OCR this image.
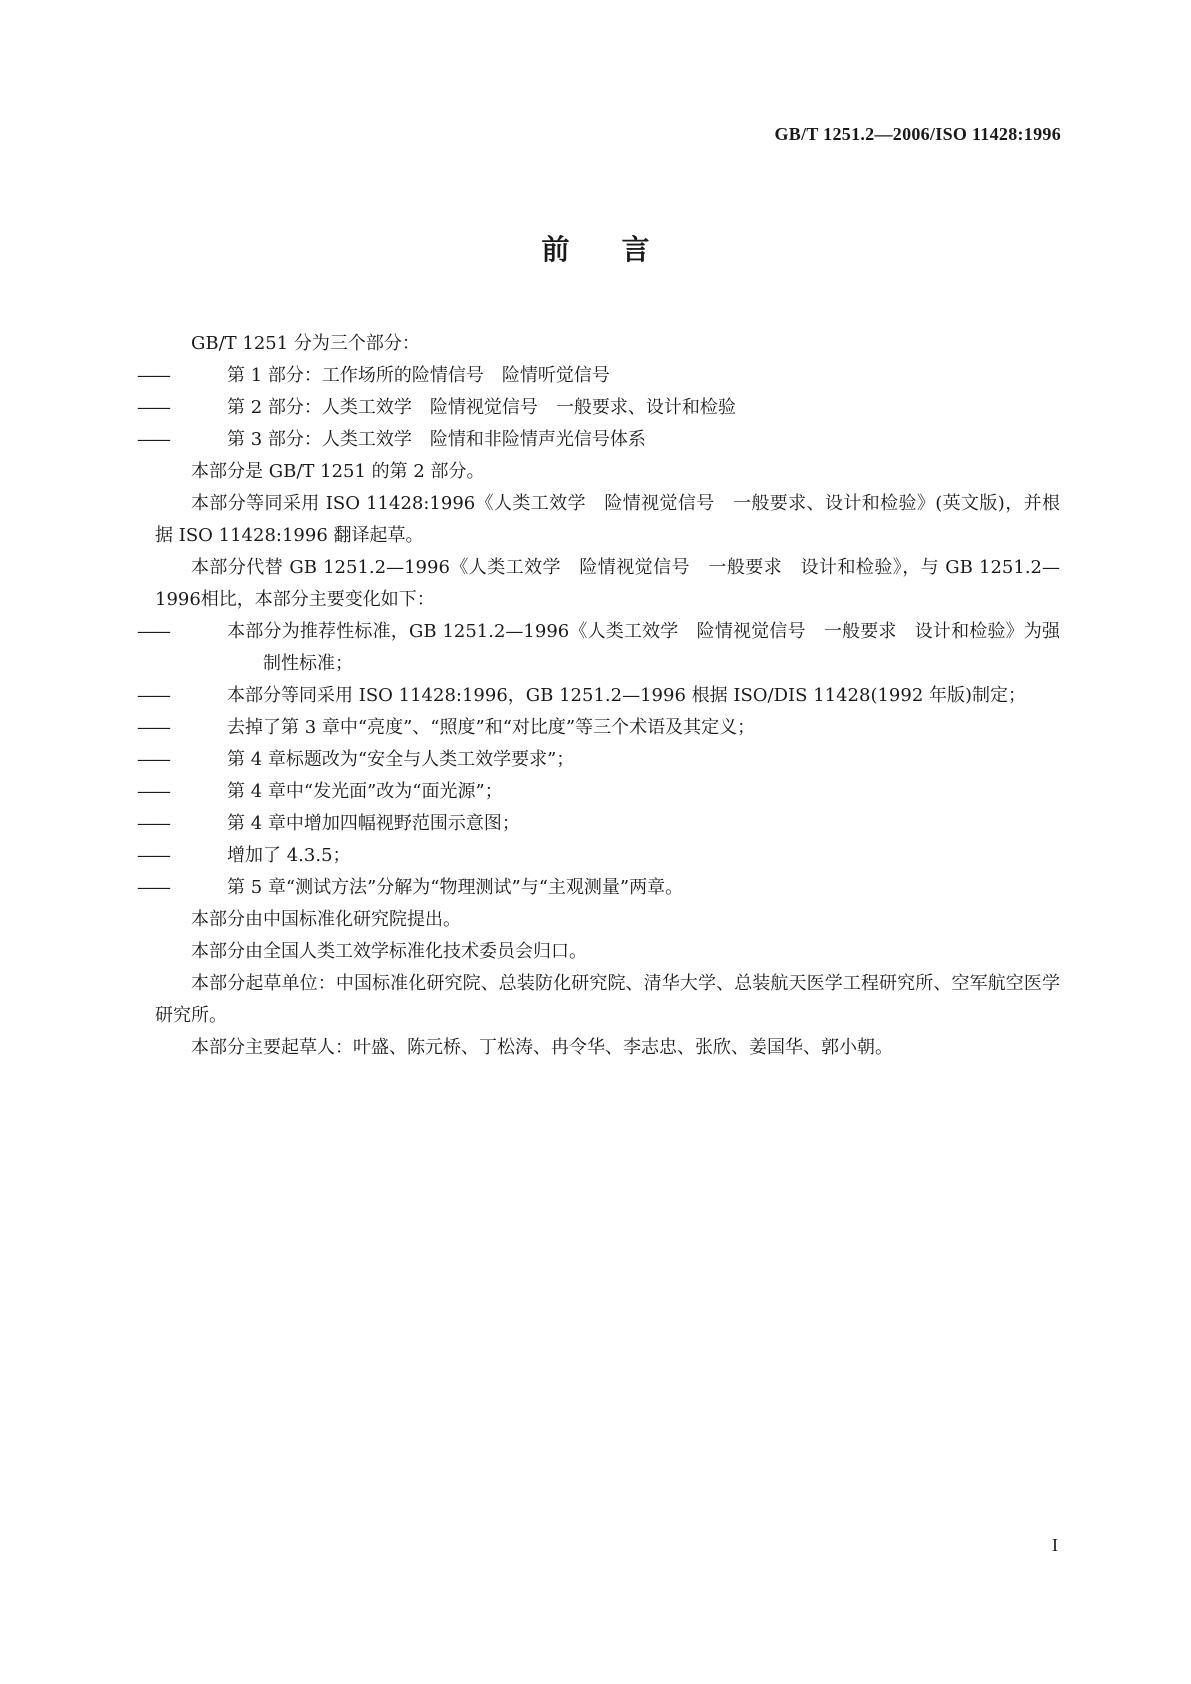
GB/T 1251.2—2006/ISO 11428:1996
前言

GB/T 1251 分为三个部分：

——	第 1 部分：工作场所的险情信号　险情听觉信号

——	第 2 部分：人类工效学　险情视觉信号　一般要求、设计和检验

——	第 3 部分：人类工效学　险情和非险情声光信号体系

本部分是 GB/T 1251 的第 2 部分。

本部分等同采用 ISO 11428:1996《人类工效学　险情视觉信号　一般要求、设计和检验》(英文版)，并根据 ISO 11428:1996 翻译起草。

本部分代替 GB 1251.2—1996《人类工效学　险情视觉信号　一般要求　设计和检验》，与 GB 1251.2—1996相比，本部分主要变化如下：

——	本部分为推荐性标准，GB 1251.2—1996《人类工效学　险情视觉信号　一般要求　设计和检验》为强制性标准；

——	本部分等同采用 ISO 11428:1996，GB 1251.2—1996 根据 ISO/DIS 11428(1992 年版)制定；

——	去掉了第 3 章中“亮度”、“照度”和“对比度”等三个术语及其定义；

——	第 4 章标题改为“安全与人类工效学要求”；

——	第 4 章中“发光面”改为“面光源”；

——	第 4 章中增加四幅视野范围示意图；

——	增加了 4.3.5；

——	第 5 章“测试方法”分解为“物理测试”与“主观测量”两章。

本部分由中国标准化研究院提出。

本部分由全国人类工效学标准化技术委员会归口。

本部分起草单位：中国标准化研究院、总装防化研究院、清华大学、总装航天医学工程研究所、空军航空医学研究所。

本部分主要起草人：叶盛、陈元桥、丁松涛、冉令华、李志忠、张欣、姜国华、郭小朝。

I
